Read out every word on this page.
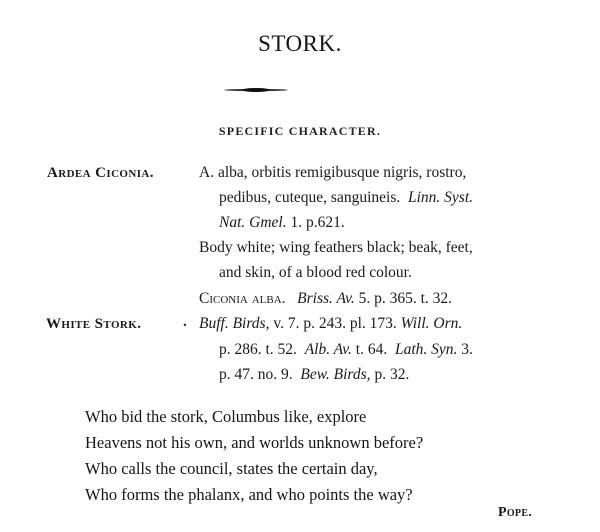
STORK.
SPECIFIC CHARACTER.
Ardea Ciconia.	A. alba, orbitis remigibusque nigris, rostro,
pedibus, cuteque, sanguineis. Linn. Syst.
Nat. Gmel. 1. p.621.
Body white; wing feathers black; beak, feet,
and skin, of a blood red colour.
Ciconia alba. Briss. Av. 5. p. 365. t. 32.
White Stork.	. Buff. Birds, v. 7. p. 243. pl. 173. Will. Orn.
p. 286. t. 52. Alb. Av. t. 64. Lath. Syn. 3.
p. 47. no. 9. Bew. Birds, p. 32.
Who bid the stork, Columbus like, explore
Heavens not his own, and worlds unknown before?
Who calls the council, states the certain day,
Who forms the phalanx, and who points the way?
Pope.
